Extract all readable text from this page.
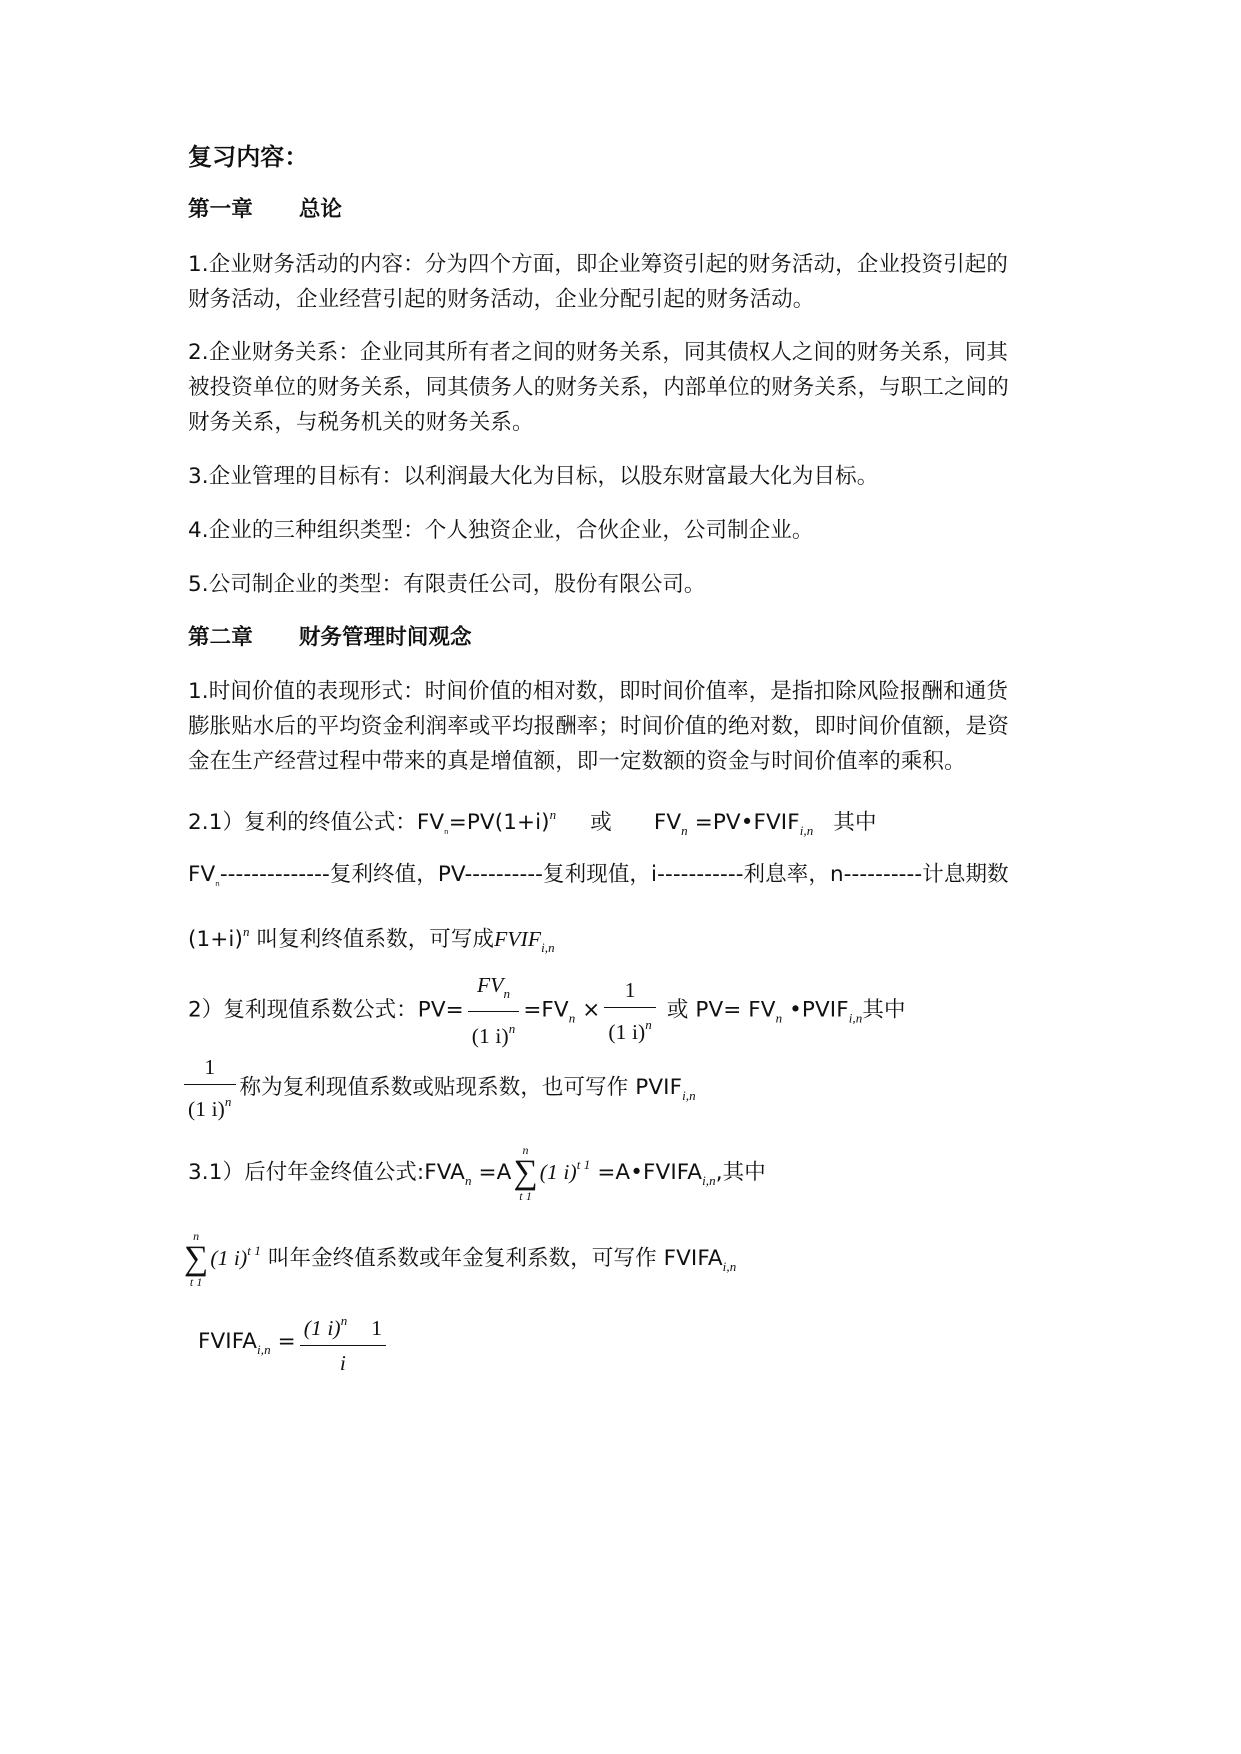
复习内容：
第一章 总论
1.企业财务活动的内容：分为四个方面，即企业筹资引起的财务活动，企业投资引起的
财务活动，企业经营引起的财务活动，企业分配引起的财务活动。
2.企业财务关系：企业同其所有者之间的财务关系，同其债权人之间的财务关系，同其
被投资单位的财务关系，同其债务人的财务关系，内部单位的财务关系，与职工之间的
财务关系，与税务机关的财务关系。
3.企业管理的目标有：以利润最大化为目标，以股东财富最大化为目标。
4.企业的三种组织类型：个人独资企业，合伙企业，公司制企业。
5.公司制企业的类型：有限责任公司，股份有限公司。
第二章 财务管理时间观念
1.时间价值的表现形式：时间价值的相对数，即时间价值率，是指扣除风险报酬和通货
膨胀贴水后的平均资金利润率或平均报酬率；时间价值的绝对数，即时间价值额，是资
金在生产经营过程中带来的真是增值额，即一定数额的资金与时间价值率的乘积。
2.1）复利的终值公式：$FV_n=PV(1+i)^n$ 或 $FV_n$ $=PV•FVIF_{i,n}$ 其中
$FV_n--------------$复利终值，PV----------复利现值，i-----------利息率，n----------计息期数
$(1+i)^n$ 叫复利终值系数，可写成$FVIF_{i,n}$
2）复利现值系数公式：$PV= \frac{FV_n}{(1 i)^n} =FV_n \times \frac{1}{(1 i)^n}$ 或 $PV= FV_n$ $•PVIF_{i,n}$其中
$\frac{1}{(1 i)^n}$ 称为复利现值系数或贴现系数，也可写作 $PVIF_{i,n}$
3.1）后付年金终值公式$:FVA_n =A$
n
∑
t 1
(1 $i)^{t 1} =A•FVIFA_{i,n}$,其中
n
∑
t 1
(1 i)$^{t 1}$ 叫年金终值系数或年金复利系数，可写作 $FVIFA_{i,n}$
$FVIFA_{i,n} = \frac{(1 i)^n 1}{i}$
